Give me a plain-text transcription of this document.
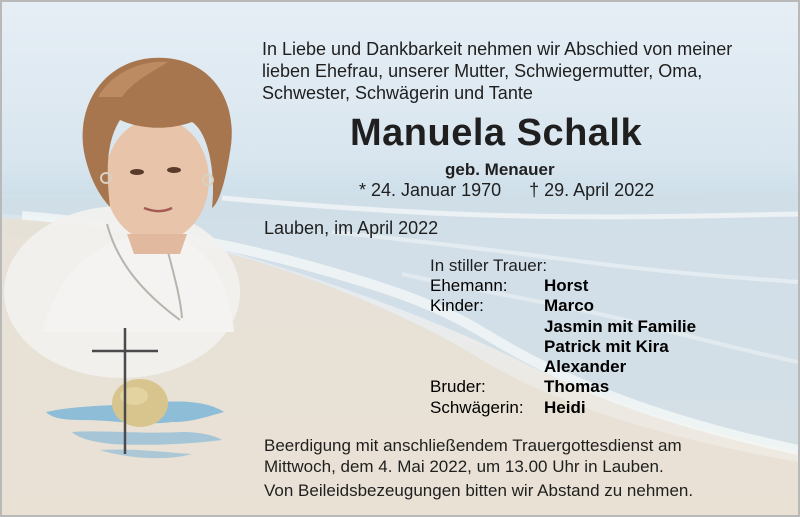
In Liebe und Dankbarkeit nehmen wir Abschied von meiner
lieben Ehefrau, unserer Mutter, Schwiegermutter, Oma,
Schwester, Schwägerin und Tante
Manuela Schalk
geb. Menauer
* 24. Januar 1970 † 29. April 2022
Lauben, im April 2022
In stiller Trauer:
Ehemann:	Horst
Kinder:	Marco
Jasmin mit Familie
Patrick mit Kira
Alexander
Bruder:	Thomas
Schwägerin:	Heidi
Beerdigung mit anschließendem Trauergottesdienst am
Mittwoch, dem 4. Mai 2022, um 13.00 Uhr in Lauben.
Von Beileidsbezeugungen bitten wir Abstand zu nehmen.
